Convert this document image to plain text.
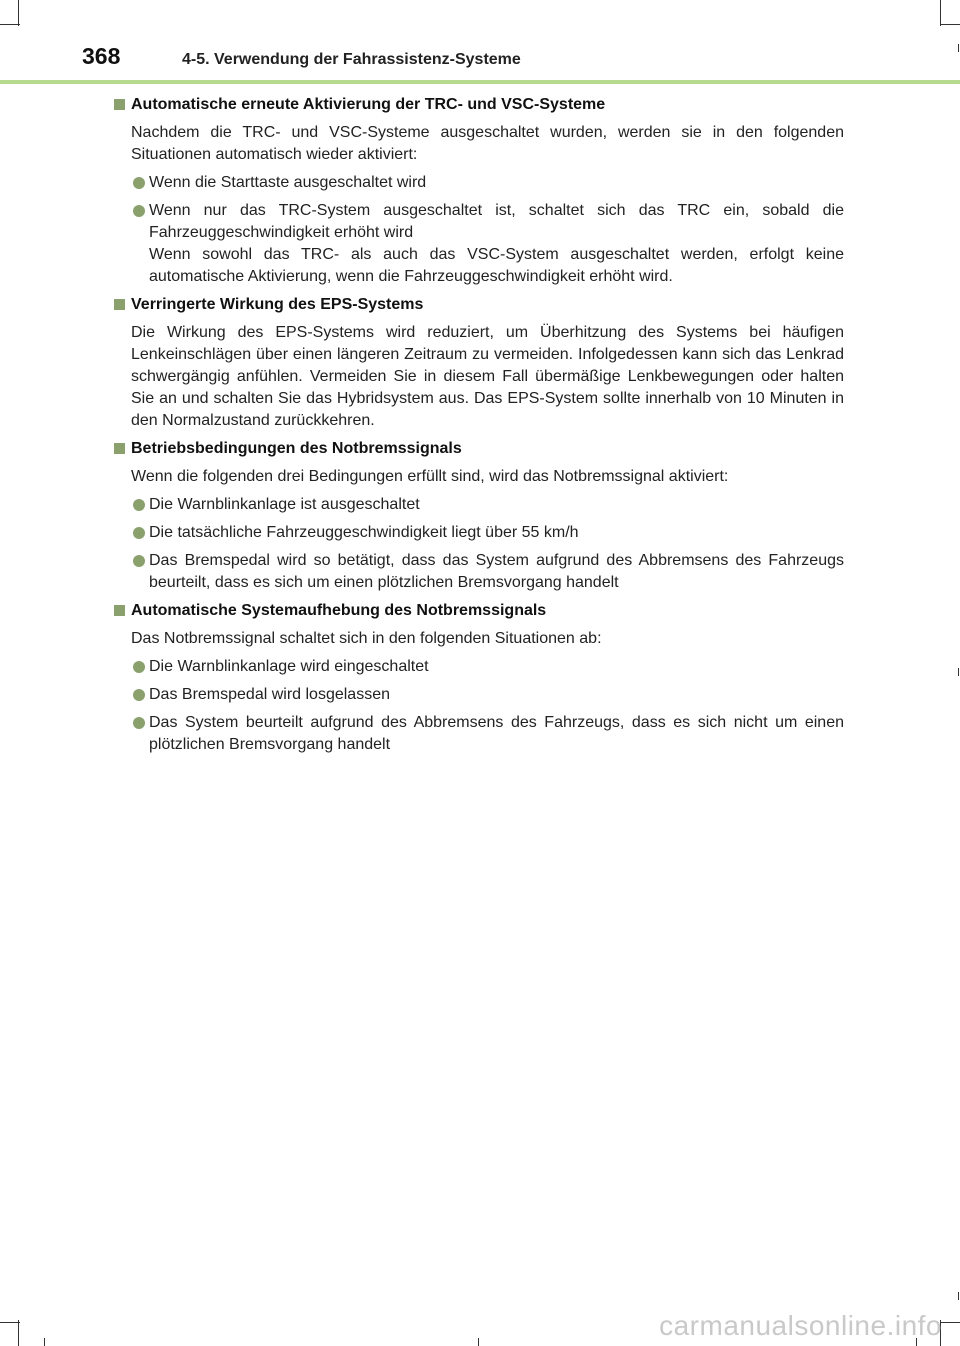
368	4-5. Verwendung der Fahrassistenz-Systeme
Automatische erneute Aktivierung der TRC- und VSC-Systeme
Nachdem die TRC- und VSC-Systeme ausgeschaltet wurden, werden sie in den folgenden Situationen automatisch wieder aktiviert:
Wenn die Starttaste ausgeschaltet wird
Wenn nur das TRC-System ausgeschaltet ist, schaltet sich das TRC ein, sobald die Fahrzeuggeschwindigkeit erhöht wird
Wenn sowohl das TRC- als auch das VSC-System ausgeschaltet werden, erfolgt keine automatische Aktivierung, wenn die Fahrzeuggeschwindigkeit erhöht wird.
Verringerte Wirkung des EPS-Systems
Die Wirkung des EPS-Systems wird reduziert, um Überhitzung des Systems bei häufigen Lenkeinschlägen über einen längeren Zeitraum zu vermeiden. Infolgedessen kann sich das Lenkrad schwergängig anfühlen. Vermeiden Sie in diesem Fall übermäßige Lenkbewegungen oder halten Sie an und schalten Sie das Hybridsystem aus. Das EPS-System sollte innerhalb von 10 Minuten in den Normalzustand zurückkehren.
Betriebsbedingungen des Notbremssignals
Wenn die folgenden drei Bedingungen erfüllt sind, wird das Notbremssignal aktiviert:
Die Warnblinkanlage ist ausgeschaltet
Die tatsächliche Fahrzeuggeschwindigkeit liegt über 55 km/h
Das Bremspedal wird so betätigt, dass das System aufgrund des Abbremsens des Fahrzeugs beurteilt, dass es sich um einen plötzlichen Bremsvorgang handelt
Automatische Systemaufhebung des Notbremssignals
Das Notbremssignal schaltet sich in den folgenden Situationen ab:
Die Warnblinkanlage wird eingeschaltet
Das Bremspedal wird losgelassen
Das System beurteilt aufgrund des Abbremsens des Fahrzeugs, dass es sich nicht um einen plötzlichen Bremsvorgang handelt
carmanualsonline.info
